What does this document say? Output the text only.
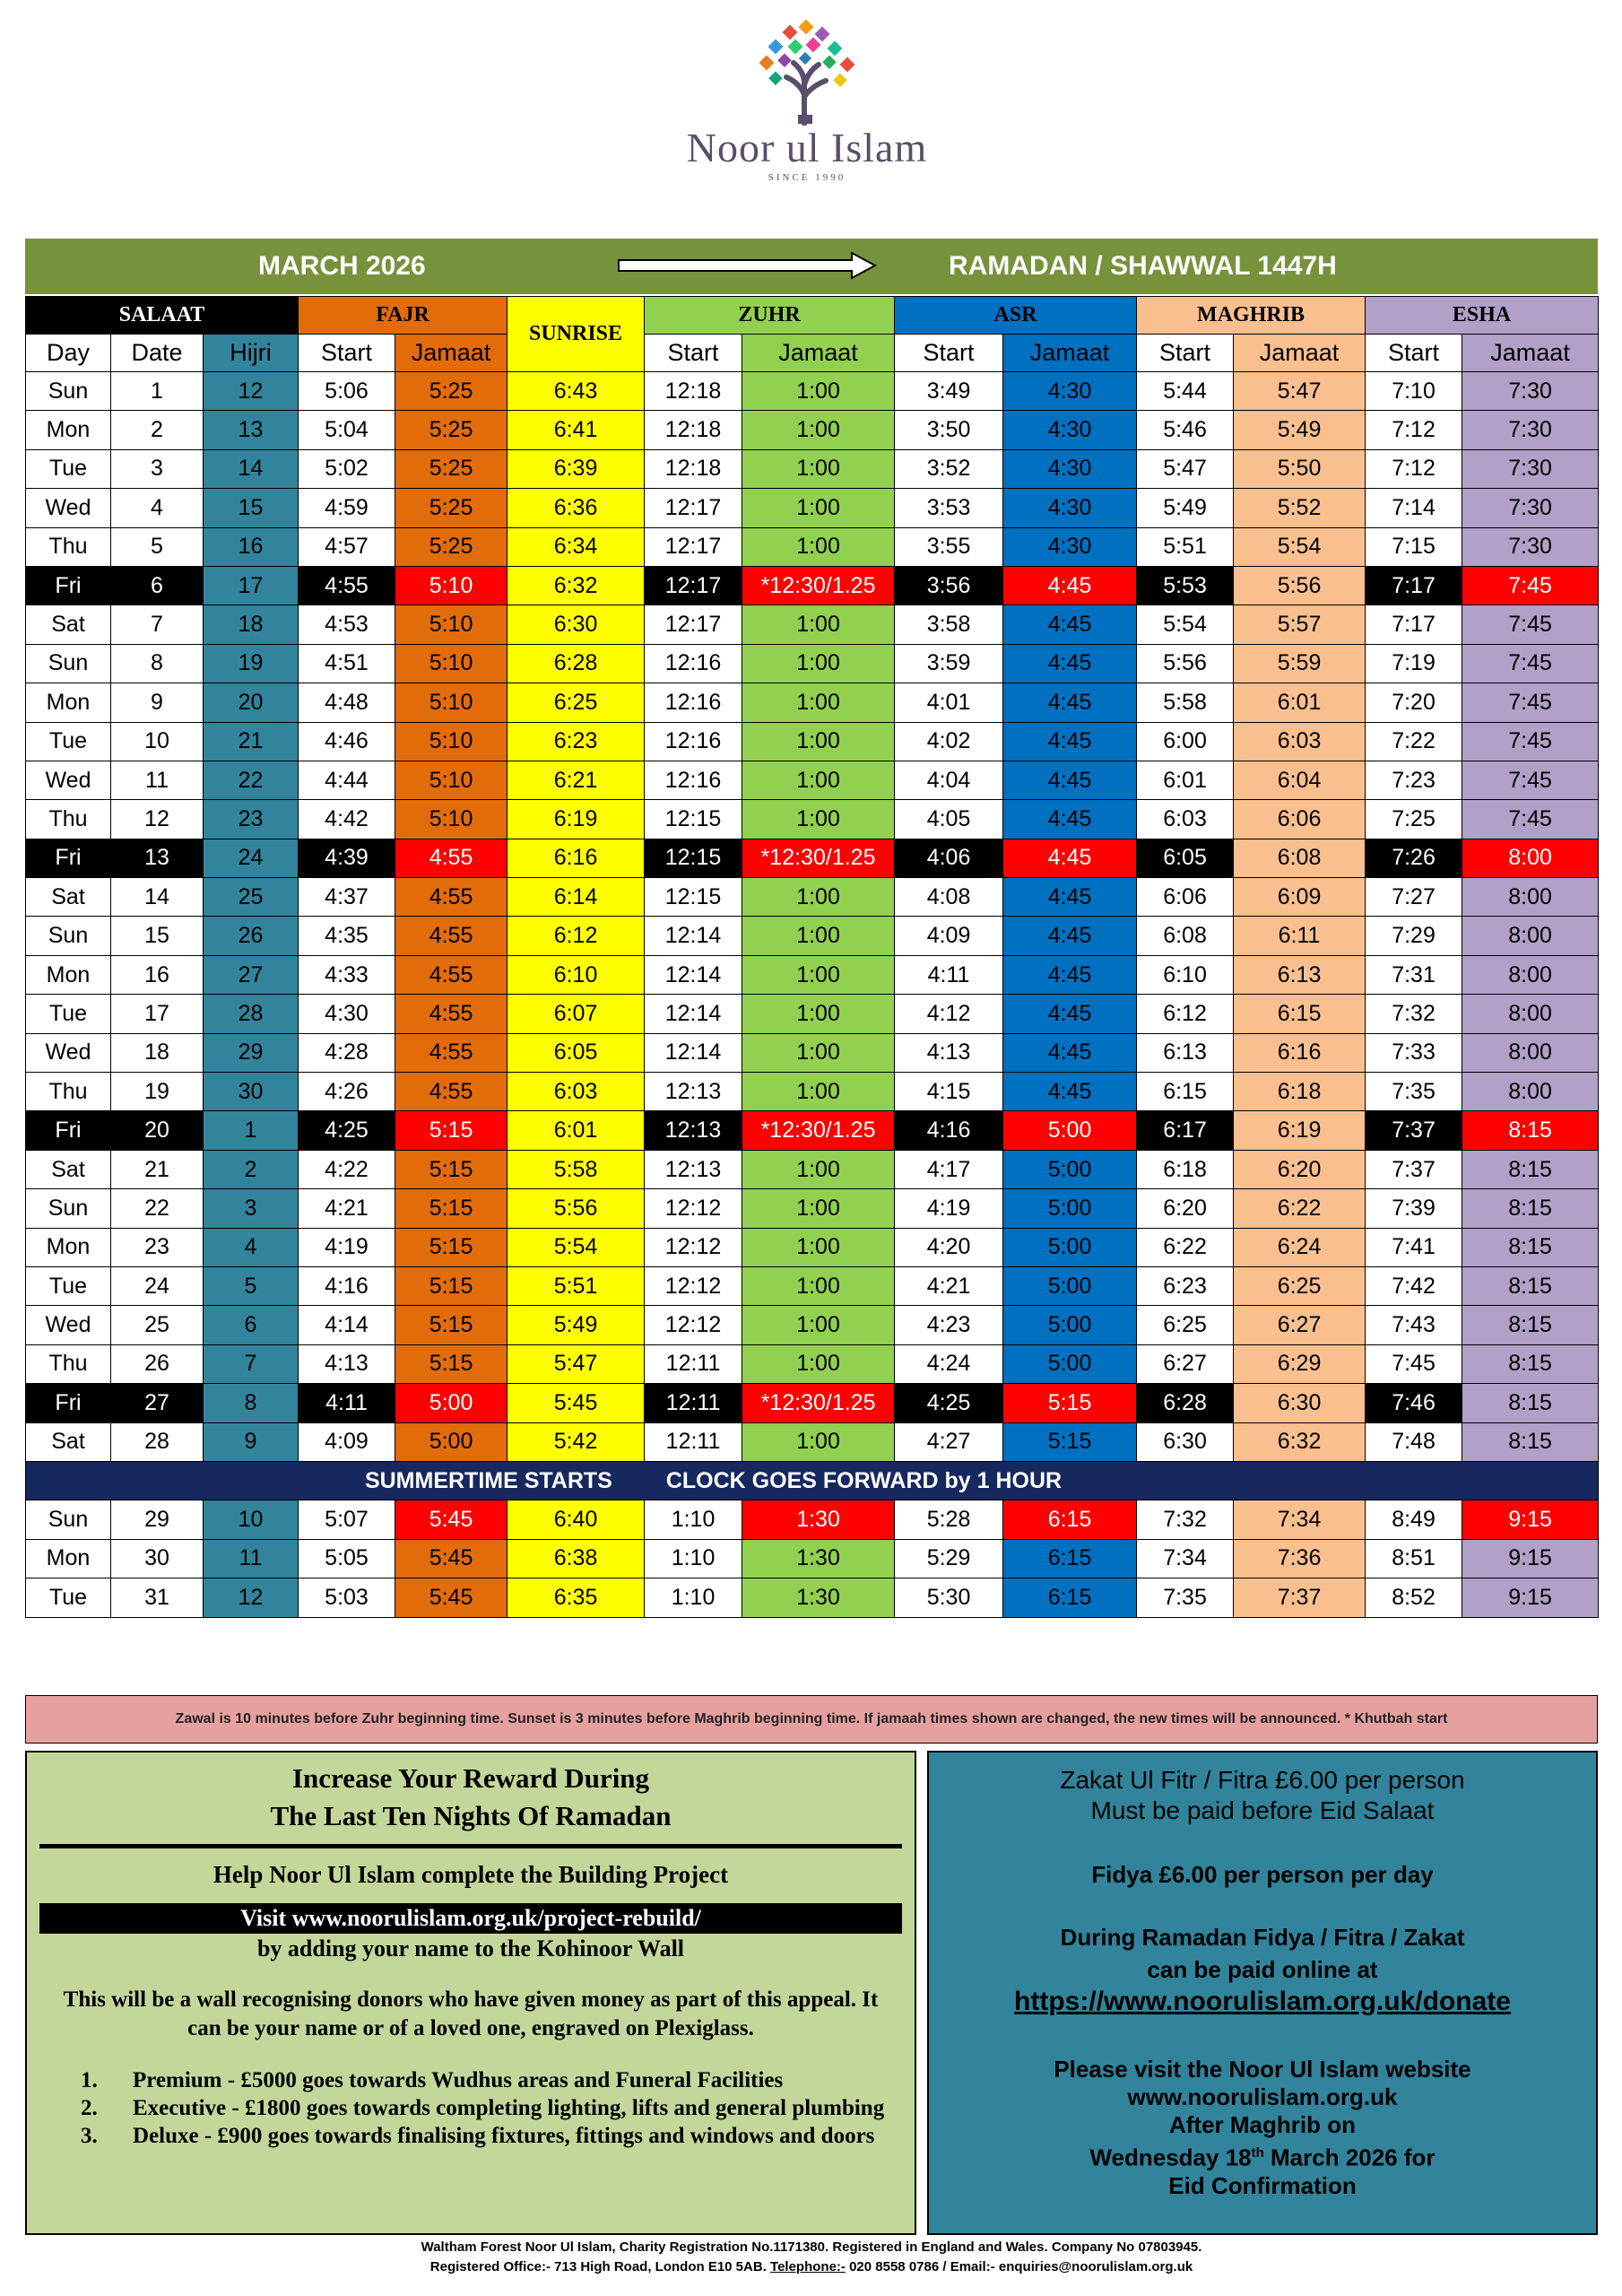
Noor ul Islam
SINCE 1990
MARCH 2026	RAMADAN / SHAWWAL 1447H
SALAAT			FAJR		SUNRISE	ZUHR		ASR		MAGHRIB		ESHA	
Day	Date	Hijri	Start	Jamaat		Start	Jamaat	Start	Jamaat	Start	Jamaat	Start	Jamaat
Sun	1	12	5:06	5:25	6:43	12:18	1:00	3:49	4:30	5:44	5:47	7:10	7:30
Mon	2	13	5:04	5:25	6:41	12:18	1:00	3:50	4:30	5:46	5:49	7:12	7:30
Tue	3	14	5:02	5:25	6:39	12:18	1:00	3:52	4:30	5:47	5:50	7:12	7:30
Wed	4	15	4:59	5:25	6:36	12:17	1:00	3:53	4:30	5:49	5:52	7:14	7:30
Thu	5	16	4:57	5:25	6:34	12:17	1:00	3:55	4:30	5:51	5:54	7:15	7:30
Fri	6	17	4:55	5:10	6:32	12:17	*12:30/1.25	3:56	4:45	5:53	5:56	7:17	7:45
Sat	7	18	4:53	5:10	6:30	12:17	1:00	3:58	4:45	5:54	5:57	7:17	7:45
Sun	8	19	4:51	5:10	6:28	12:16	1:00	3:59	4:45	5:56	5:59	7:19	7:45
Mon	9	20	4:48	5:10	6:25	12:16	1:00	4:01	4:45	5:58	6:01	7:20	7:45
Tue	10	21	4:46	5:10	6:23	12:16	1:00	4:02	4:45	6:00	6:03	7:22	7:45
Wed	11	22	4:44	5:10	6:21	12:16	1:00	4:04	4:45	6:01	6:04	7:23	7:45
Thu	12	23	4:42	5:10	6:19	12:15	1:00	4:05	4:45	6:03	6:06	7:25	7:45
Fri	13	24	4:39	4:55	6:16	12:15	*12:30/1.25	4:06	4:45	6:05	6:08	7:26	8:00
Sat	14	25	4:37	4:55	6:14	12:15	1:00	4:08	4:45	6:06	6:09	7:27	8:00
Sun	15	26	4:35	4:55	6:12	12:14	1:00	4:09	4:45	6:08	6:11	7:29	8:00
Mon	16	27	4:33	4:55	6:10	12:14	1:00	4:11	4:45	6:10	6:13	7:31	8:00
Tue	17	28	4:30	4:55	6:07	12:14	1:00	4:12	4:45	6:12	6:15	7:32	8:00
Wed	18	29	4:28	4:55	6:05	12:14	1:00	4:13	4:45	6:13	6:16	7:33	8:00
Thu	19	30	4:26	4:55	6:03	12:13	1:00	4:15	4:45	6:15	6:18	7:35	8:00
Fri	20	1	4:25	5:15	6:01	12:13	*12:30/1.25	4:16	5:00	6:17	6:19	7:37	8:15
Sat	21	2	4:22	5:15	5:58	12:13	1:00	4:17	5:00	6:18	6:20	7:37	8:15
Sun	22	3	4:21	5:15	5:56	12:12	1:00	4:19	5:00	6:20	6:22	7:39	8:15
Mon	23	4	4:19	5:15	5:54	12:12	1:00	4:20	5:00	6:22	6:24	7:41	8:15
Tue	24	5	4:16	5:15	5:51	12:12	1:00	4:21	5:00	6:23	6:25	7:42	8:15
Wed	25	6	4:14	5:15	5:49	12:12	1:00	4:23	5:00	6:25	6:27	7:43	8:15
Thu	26	7	4:13	5:15	5:47	12:11	1:00	4:24	5:00	6:27	6:29	7:45	8:15
Fri	27	8	4:11	5:00	5:45	12:11	*12:30/1.25	4:25	5:15	6:28	6:30	7:46	8:15
Sat	28	9	4:09	5:00	5:42	12:11	1:00	4:27	5:15	6:30	6:32	7:48	8:15
SUMMERTIME STARTS CLOCK GOES FORWARD by 1 HOUR													
Sun	29	10	5:07	5:45	6:40	1:10	1:30	5:28	6:15	7:32	7:34	8:49	9:15
Mon	30	11	5:05	5:45	6:38	1:10	1:30	5:29	6:15	7:34	7:36	8:51	9:15
Tue	31	12	5:03	5:45	6:35	1:10	1:30	5:30	6:15	7:35	7:37	8:52	9:15
Zawal is 10 minutes before Zuhr beginning time. Sunset is 3 minutes before Maghrib beginning time. If jamaah times shown are changed, the new times will be announced. * Khutbah start
Increase Your Reward During
The Last Ten Nights Of Ramadan
Help Noor Ul Islam complete the Building Project
Visit www.noorulislam.org.uk/project-rebuild/
by adding your name to the Kohinoor Wall
This will be a wall recognising donors who have given money as part of this appeal. It can be your name or of a loved one, engraved on Plexiglass.
1.	Premium - £5000 goes towards Wudhus areas and Funeral Facilities
2.	Executive - £1800 goes towards completing lighting, lifts and general plumbing
3.	Deluxe - £900 goes towards finalising fixtures, fittings and windows and doors
Zakat Ul Fitr / Fitra £6.00 per person
Must be paid before Eid Salaat
Fidya £6.00 per person per day
During Ramadan Fidya / Fitra / Zakat
can be paid online at
https://www.noorulislam.org.uk/donate
Please visit the Noor Ul Islam website
www.noorulislam.org.uk
After Maghrib on
Wednesday 18th March 2026 for
Eid Confirmation
Waltham Forest Noor Ul Islam, Charity Registration No.1171380. Registered in England and Wales. Company No 07803945.
Registered Office:- 713 High Road, London E10 5AB. Telephone:- 020 8558 0786 / Email:- enquiries@noorulislam.org.uk
